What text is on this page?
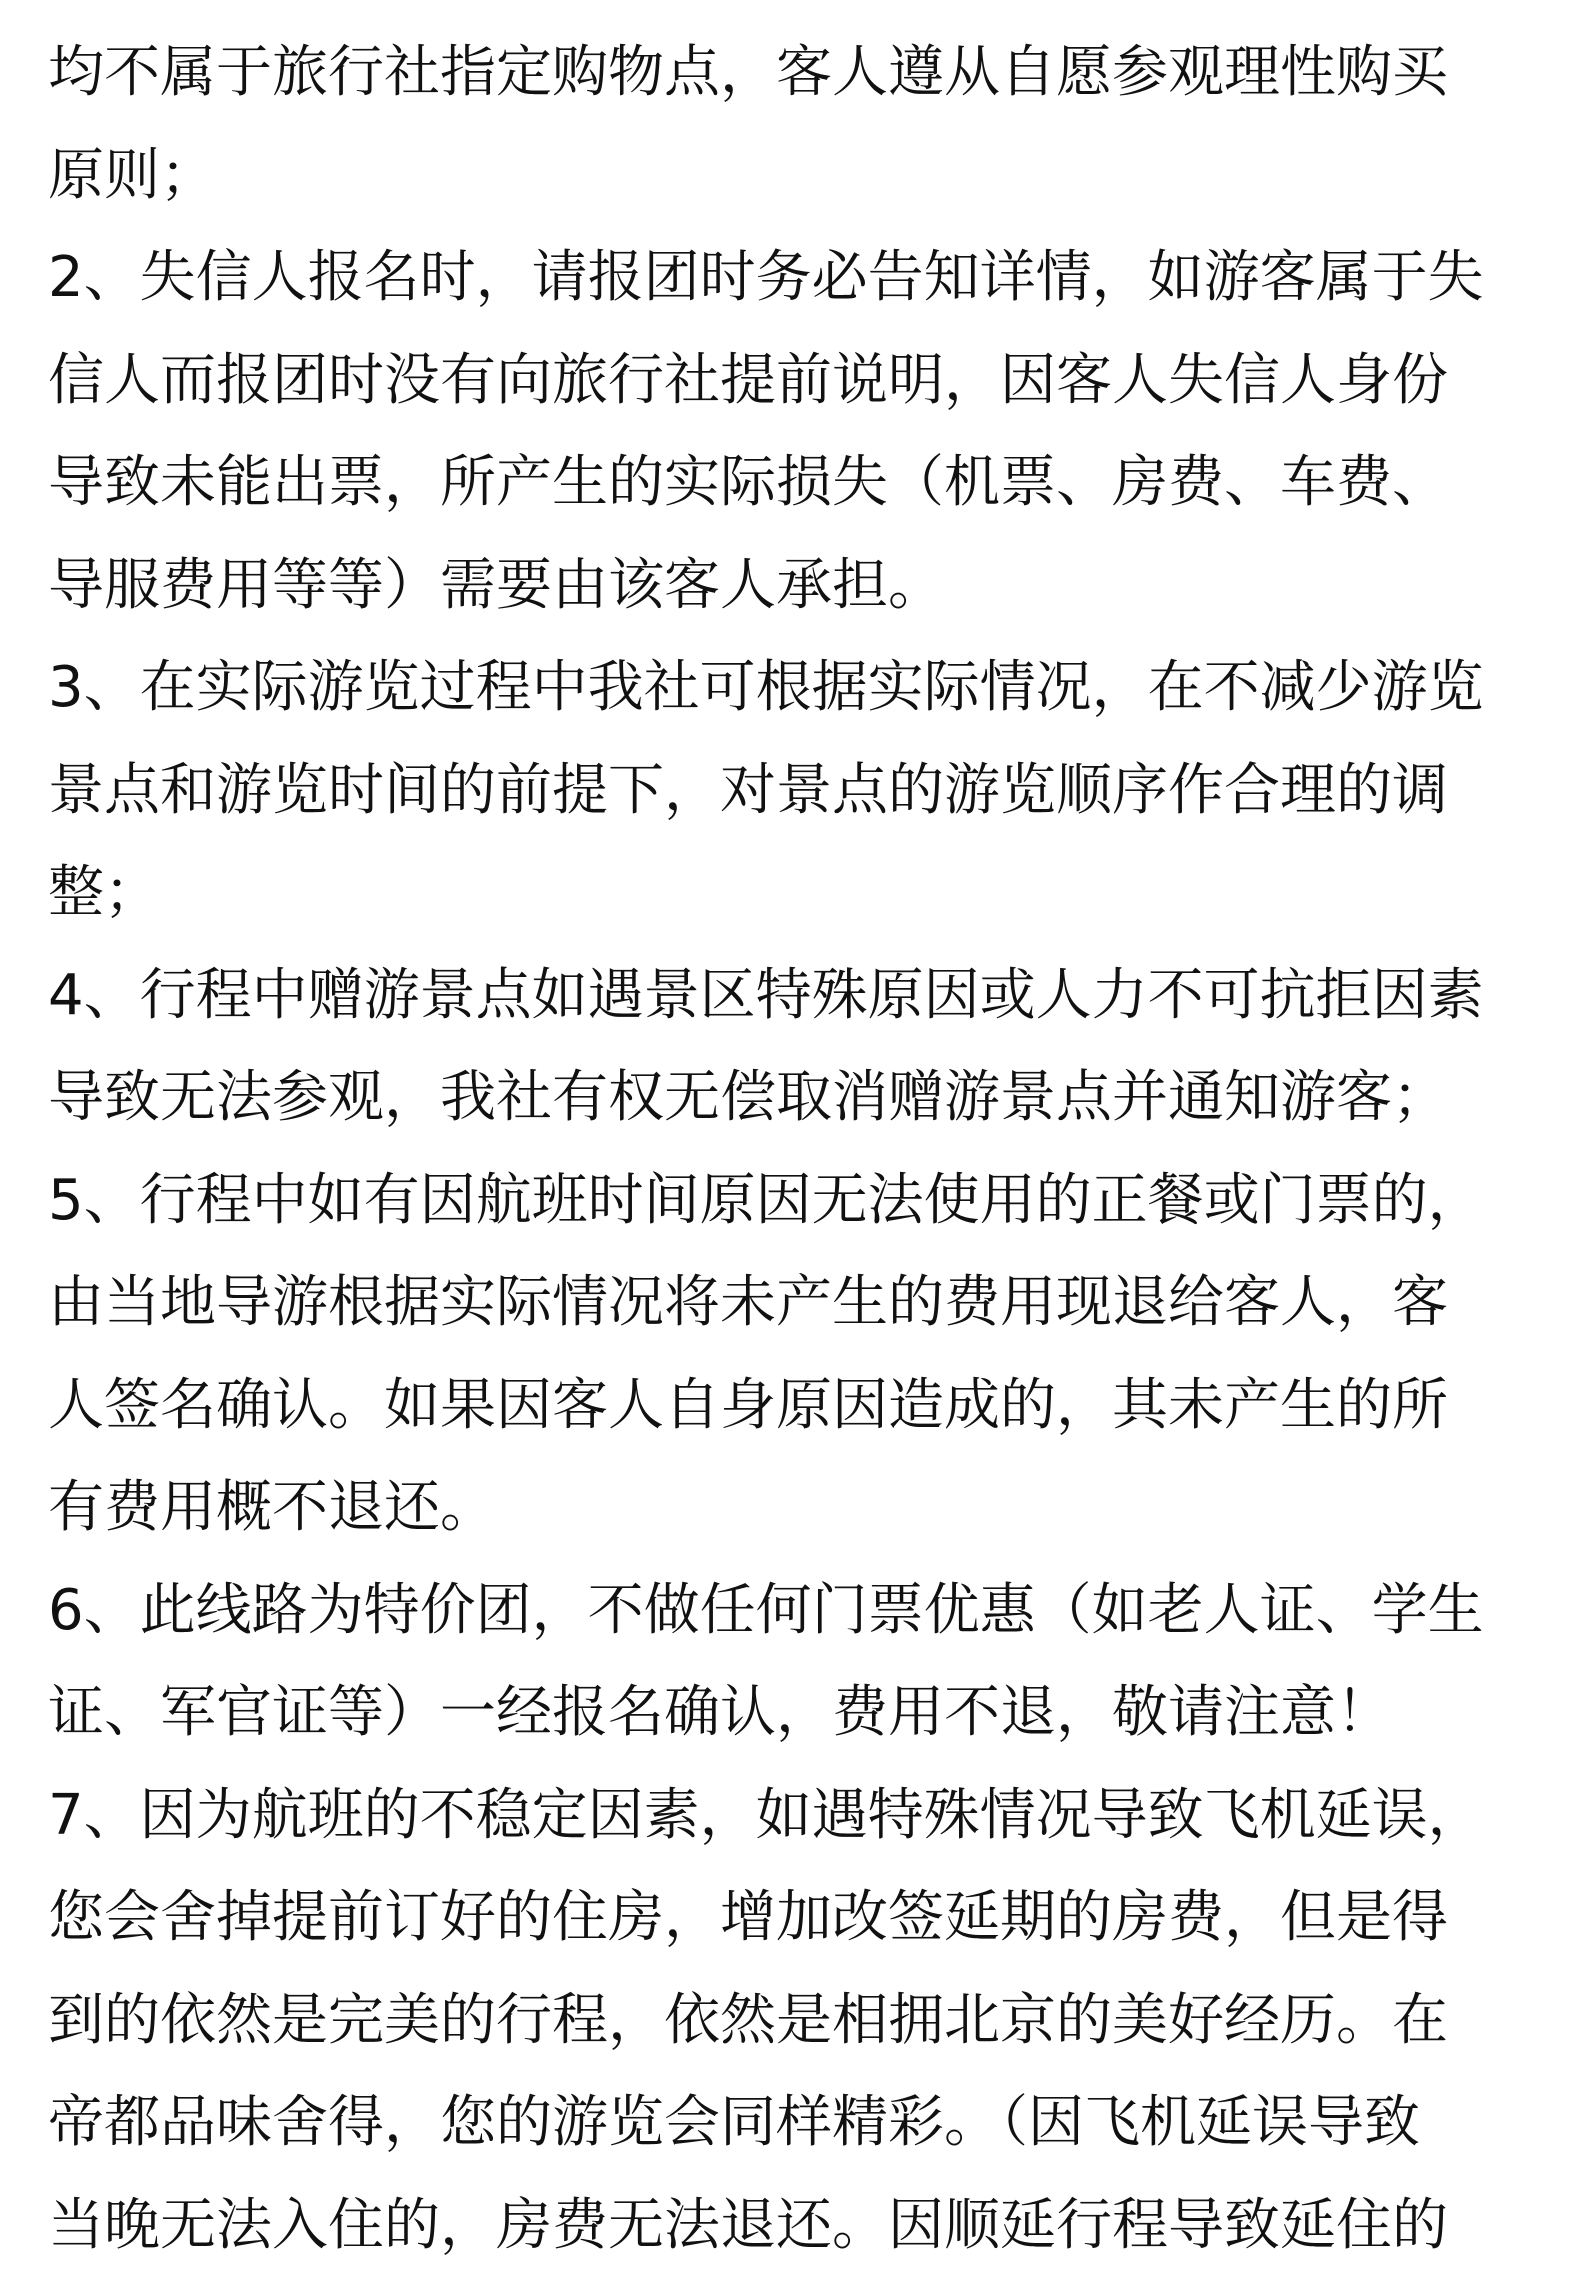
均不属于旅行社指定购物点，客人遵从自愿参观理性购买
原则；
2、失信人报名时，请报团时务必告知详情，如游客属于失
信人而报团时没有向旅行社提前说明，因客人失信人身份
导致未能出票，所产生的实际损失（机票、房费、车费、
导服费用等等）需要由该客人承担。
3、在实际游览过程中我社可根据实际情况，在不减少游览
景点和游览时间的前提下，对景点的游览顺序作合理的调
整；
4、行程中赠游景点如遇景区特殊原因或人力不可抗拒因素
导致无法参观，我社有权无偿取消赠游景点并通知游客；
5、行程中如有因航班时间原因无法使用的正餐或门票的，
由当地导游根据实际情况将未产生的费用现退给客人，客
人签名确认。如果因客人自身原因造成的，其未产生的所
有费用概不退还。
6、此线路为特价团，不做任何门票优惠（如老人证、学生
证、军官证等）一经报名确认，费用不退，敬请注意！
7、因为航班的不稳定因素，如遇特殊情况导致飞机延误，
您会舍掉提前订好的住房，增加改签延期的房费，但是得
到的依然是完美的行程，依然是相拥北京的美好经历。在
帝都品味舍得，您的游览会同样精彩。（因飞机延误导致
当晚无法入住的，房费无法退还。因顺延行程导致延住的
